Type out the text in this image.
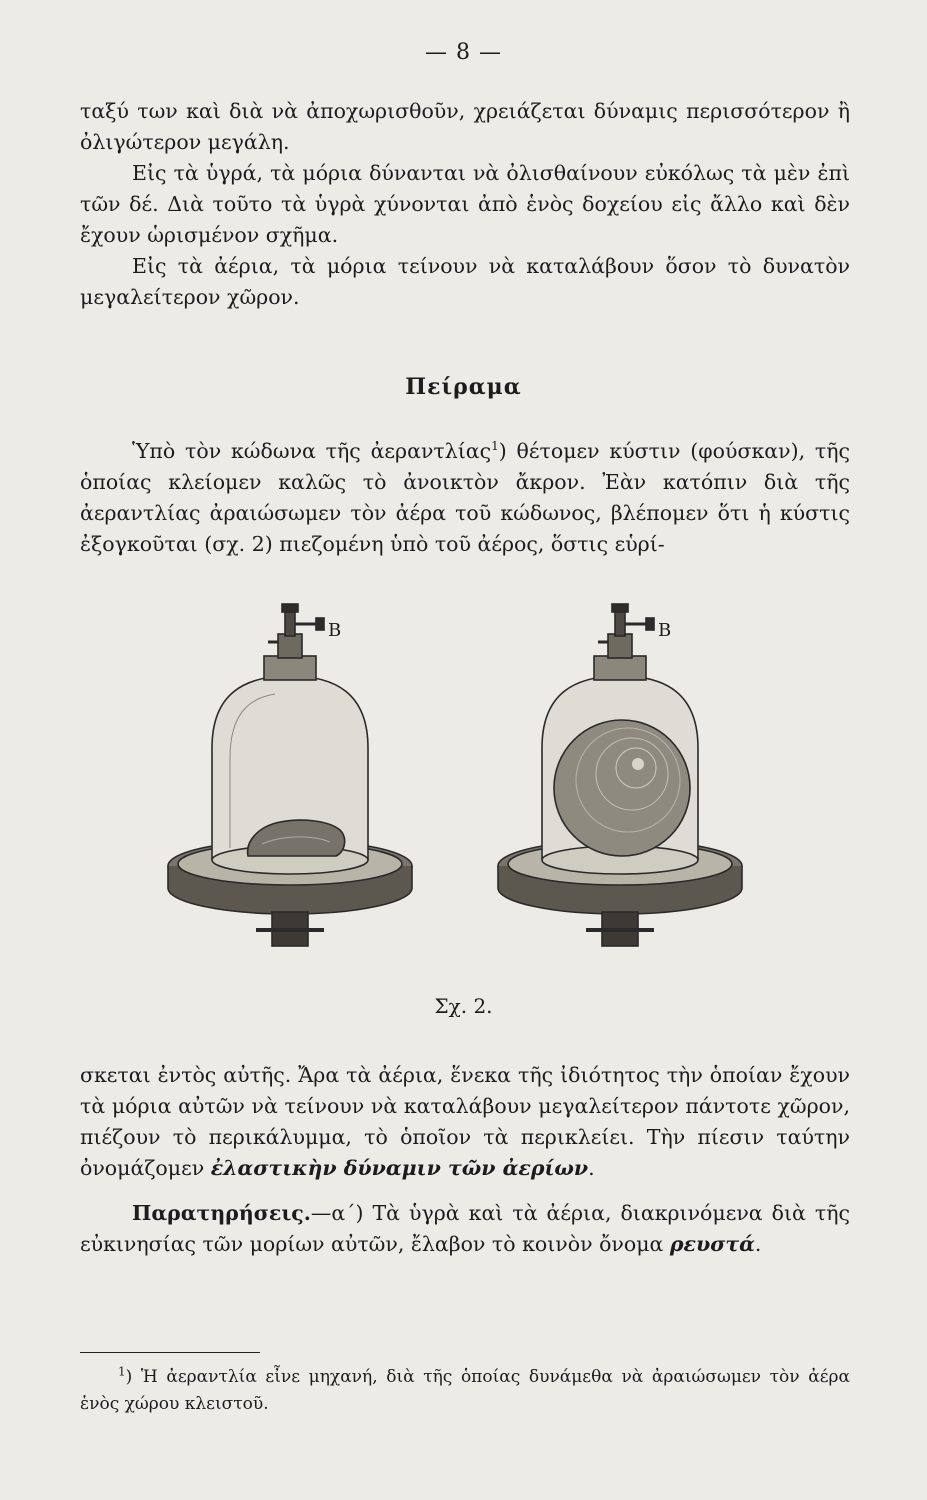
— 8 —

ταξύ των καὶ διὰ νὰ ἀποχωρισθοῦν, χρειάζεται δύναμις περισσότερον ἢ ὀλιγώτερον μεγάλη.

Εἰς τὰ ὑγρά, τὰ μόρια δύνανται νὰ ὀλισθαίνουν εὐκόλως τὰ μὲν ἐπὶ τῶν δέ. Διὰ τοῦτο τὰ ὑγρὰ χύνονται ἀπὸ ἑνὸς δοχείου εἰς ἄλλο καὶ δὲν ἔχουν ὡρισμένον σχῆμα.

Εἰς τὰ ἀέρια, τὰ μόρια τείνουν νὰ καταλάβουν ὅσον τὸ δυνατὸν μεγαλείτερον χῶρον.

Πείραμα

Ὑπὸ τὸν κώδωνα τῆς ἀεραντλίας$^1$) θέτομεν κύστιν (φούσκαν), τῆς ὁποίας κλείομεν καλῶς τὸ ἀνοικτὸν ἄκρον. Ἐὰν κατόπιν διὰ τῆς ἀεραντλίας ἀραιώσωμεν τὸν ἀέρα τοῦ κώδωνος, βλέπομεν ὅτι ἡ κύστις ἐξογκοῦται (σχ. 2) πιεζομένη ὑπὸ τοῦ ἀέρος, ὅστις εὑρί-

B	B
Σχ. 2.

σκεται ἐντὸς αὐτῆς. Ἄρα τὰ ἀέρια, ἕνεκα τῆς ἰδιότητος τὴν ὁποίαν ἔχουν τὰ μόρια αὐτῶν νὰ τείνουν νὰ καταλάβουν μεγαλείτερον πάντοτε χῶρον, πιέζουν τὸ περικάλυμμα, τὸ ὁποῖον τὰ περικλείει. Τὴν πίεσιν ταύτην ὀνομάζομεν ἐλαστικὴν δύναμιν τῶν ἀερίων.

Παρατηρήσεις.—α´) Τὰ ὑγρὰ καὶ τὰ ἀέρια, διακρινόμενα διὰ τῆς εὐκινησίας τῶν μορίων αὐτῶν, ἔλαβον τὸ κοινὸν ὄνομα ρευστά.

$^1$) Ἡ ἀεραντλία εἶνε μηχανή, διὰ τῆς ὁποίας δυνάμεθα νὰ ἀραιώσωμεν τὸν ἀέρα ἑνὸς χώρου κλειστοῦ.
